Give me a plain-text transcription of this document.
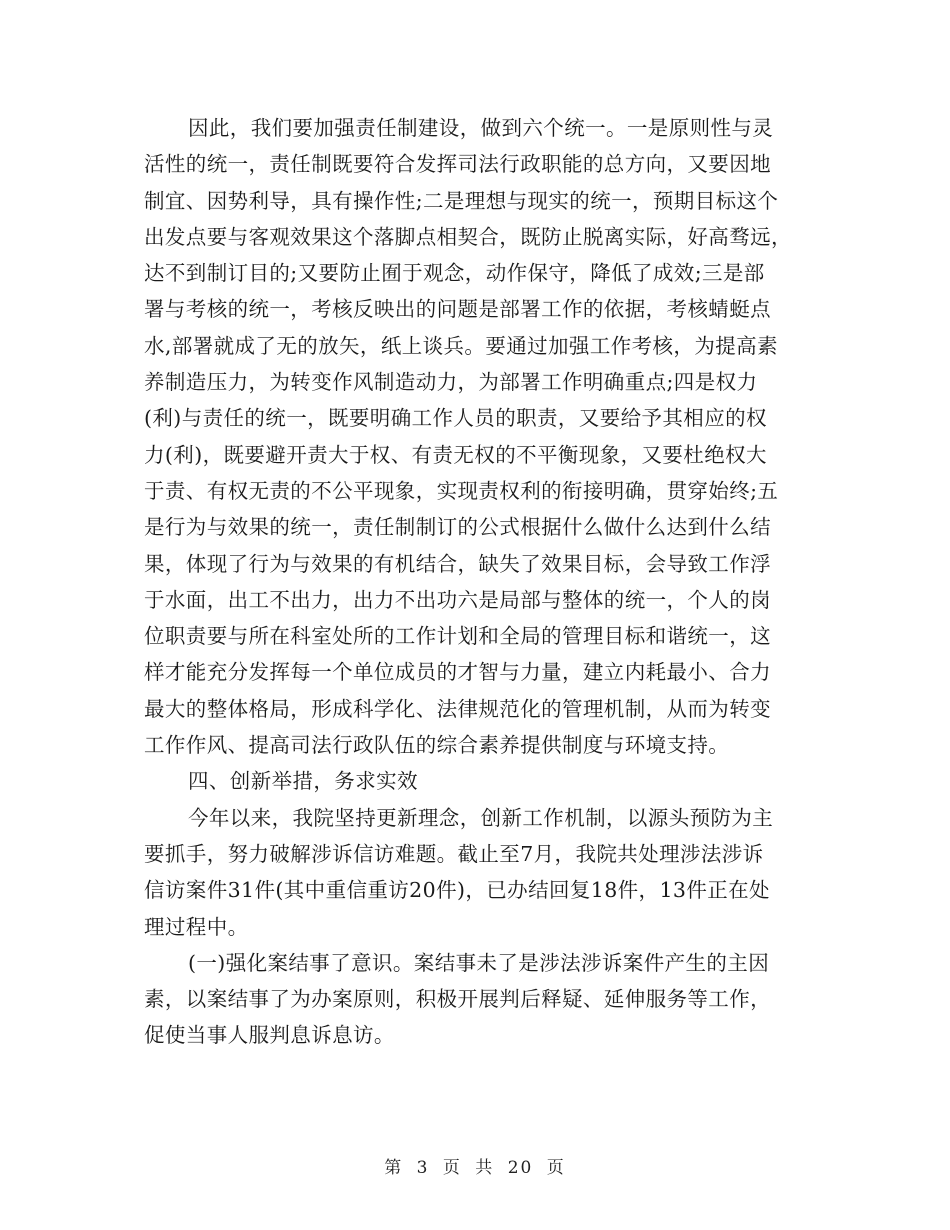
因此，我们要加强责任制建设，做到六个统一。一是原则性与灵
活性的统一，责任制既要符合发挥司法行政职能的总方向，又要因地
制宜、因势利导，具有操作性;二是理想与现实的统一，预期目标这个
出发点要与客观效果这个落脚点相契合，既防止脱离实际，好高骛远，
达不到制订目的;又要防止囿于观念，动作保守，降低了成效;三是部
署与考核的统一，考核反映出的问题是部署工作的依据，考核蜻蜓点
水,部署就成了无的放矢，纸上谈兵。要通过加强工作考核，为提高素
养制造压力，为转变作风制造动力，为部署工作明确重点;四是权力
(利)与责任的统一，既要明确工作人员的职责，又要给予其相应的权
力(利)，既要避开责大于权、有责无权的不平衡现象，又要杜绝权大
于责、有权无责的不公平现象，实现责权利的衔接明确，贯穿始终;五
是行为与效果的统一，责任制制订的公式根据什么做什么达到什么结
果，体现了行为与效果的有机结合，缺失了效果目标，会导致工作浮
于水面，出工不出力，出力不出功六是局部与整体的统一，个人的岗
位职责要与所在科室处所的工作计划和全局的管理目标和谐统一，这
样才能充分发挥每一个单位成员的才智与力量，建立内耗最小、合力
最大的整体格局，形成科学化、法律规范化的管理机制，从而为转变
工作作风、提高司法行政队伍的综合素养提供制度与环境支持。
四、创新举措，务求实效
今年以来，我院坚持更新理念，创新工作机制，以源头预防为主
要抓手，努力破解涉诉信访难题。截止至7月，我院共处理涉法涉诉
信访案件31件(其中重信重访20件)，已办结回复18件，13件正在处
理过程中。
(一)强化案结事了意识。案结事未了是涉法涉诉案件产生的主因
素，以案结事了为办案原则，积极开展判后释疑、延伸服务等工作，
促使当事人服判息诉息访。
第 3 页 共 20 页
